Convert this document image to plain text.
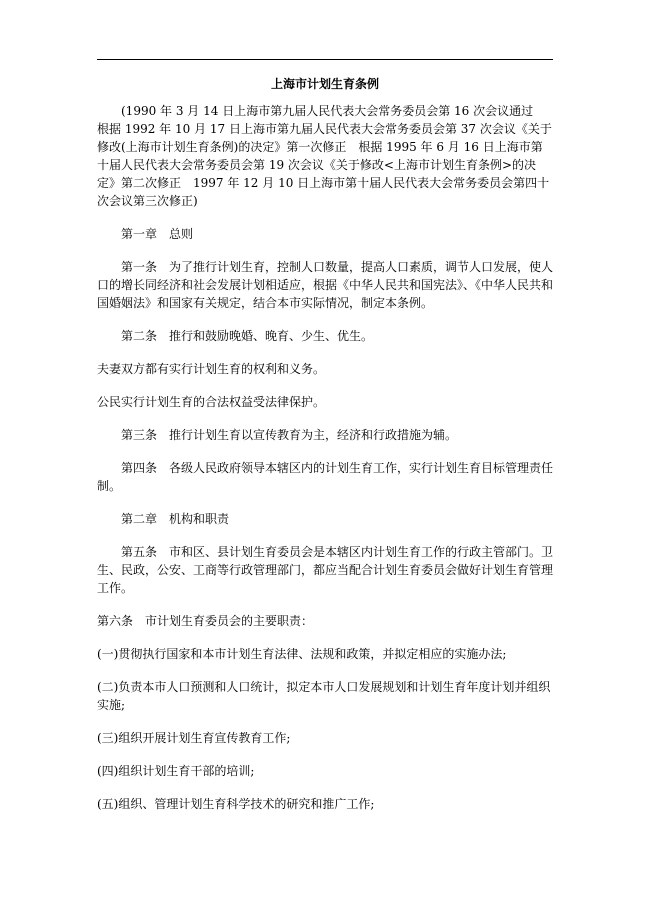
上海市计划生育条例
(1990 年 3 月 14 日上海市第九届人民代表大会常务委员会第 16 次会议通过　根据 1992 年 10 月 17 日上海市第九届人民代表大会常务委员会第 37 次会议《关于修改(上海市计划生育条例)的决定》第一次修正　根据 1995 年 6 月 16 日上海市第十届人民代表大会常务委员会第 19 次会议《关于修改<上海市计划生育条例>的决定》第二次修正　1997 年 12 月 10 日上海市第十届人民代表大会常务委员会第四十次会议第三次修正)

第一章　总则

第一条　为了推行计划生育，控制人口数量，提高人口素质，调节人口发展，使人口的增长同经济和社会发展计划相适应，根据《中华人民共和国宪法》、《中华人民共和国婚姻法》和国家有关规定，结合本市实际情况，制定本条例。

第二条　推行和鼓励晚婚、晚育、少生、优生。

夫妻双方都有实行计划生育的权利和义务。

公民实行计划生育的合法权益受法律保护。

第三条　推行计划生育以宣传教育为主，经济和行政措施为辅。

第四条　各级人民政府领导本辖区内的计划生育工作，实行计划生育目标管理责任制。

第二章　机构和职责

第五条　市和区、县计划生育委员会是本辖区内计划生育工作的行政主管部门。卫生、民政，公安、工商等行政管理部门，都应当配合计划生育委员会做好计划生育管理工作。

第六条　市计划生育委员会的主要职责：

(一)贯彻执行国家和本市计划生育法律、法规和政策，并拟定相应的实施办法;

(二)负责本市人口预测和人口统计，拟定本市人口发展规划和计划生育年度计划并组织实施;

(三)组织开展计划生育宣传教育工作;

(四)组织计划生育干部的培训;

(五)组织、管理计划生育科学技术的研究和推广工作;
